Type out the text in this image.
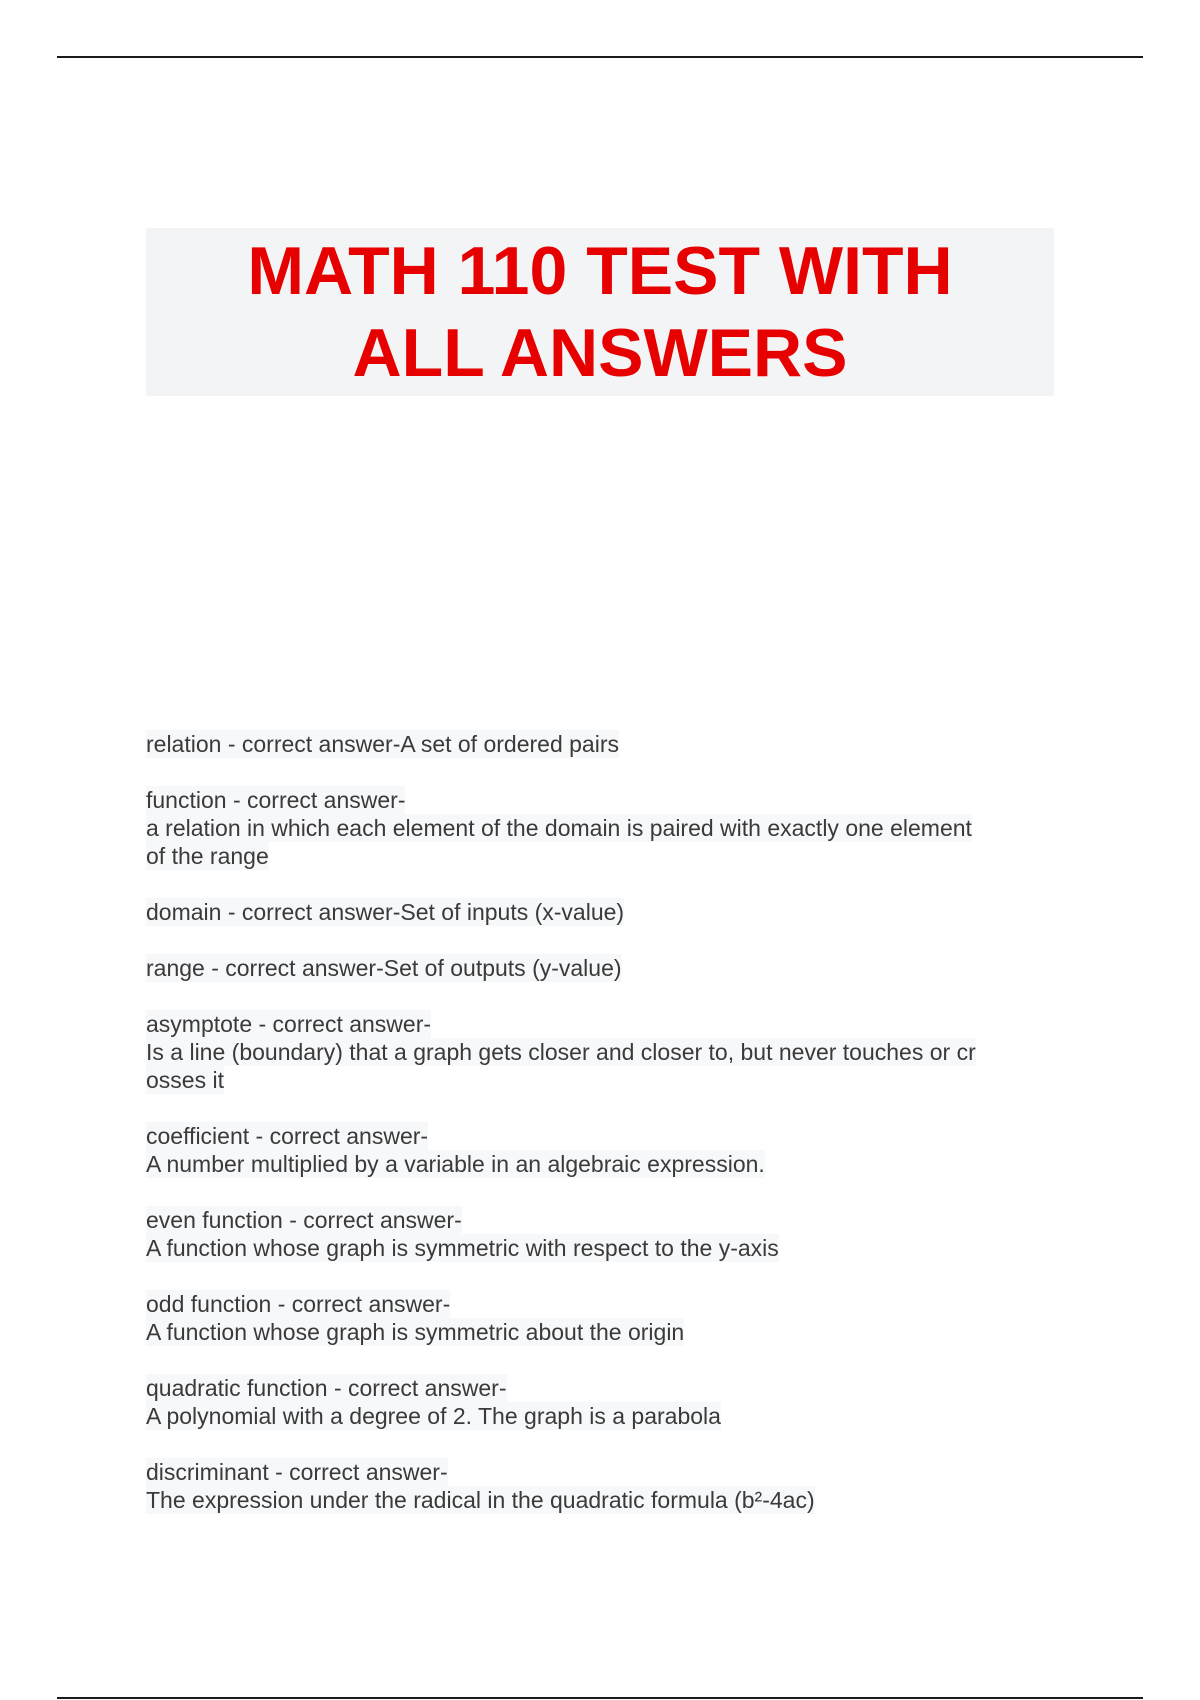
MATH 110 TEST WITH
ALL ANSWERS
relation - correct answer-A set of ordered pairs
function - correct answer-
a relation in which each element of the domain is paired with exactly one element
of the range
domain - correct answer-Set of inputs (x-value)
range - correct answer-Set of outputs (y-value)
asymptote - correct answer-
Is a line (boundary) that a graph gets closer and closer to, but never touches or cr
osses it
coefficient - correct answer-
A number multiplied by a variable in an algebraic expression.
even function - correct answer-
A function whose graph is symmetric with respect to the y-axis
odd function - correct answer-
A function whose graph is symmetric about the origin
quadratic function - correct answer-
A polynomial with a degree of 2. The graph is a parabola
discriminant - correct answer-
The expression under the radical in the quadratic formula (b²-4ac)
